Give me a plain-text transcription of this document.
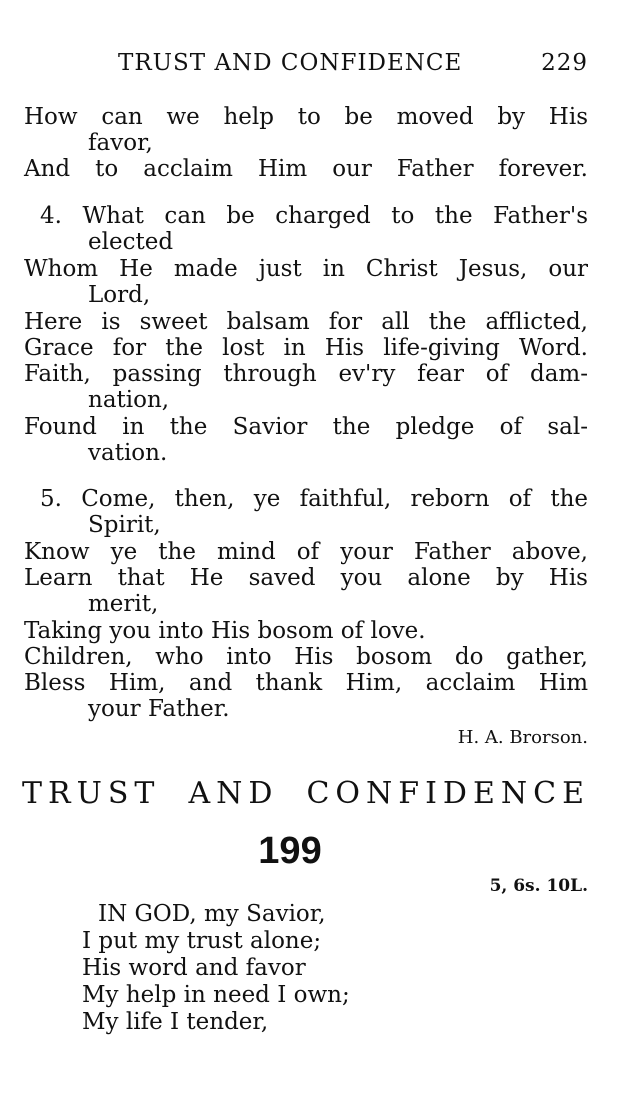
TRUST AND CONFIDENCE	229
How can we help to be moved by His
favor,
And to acclaim Him our Father forever.
4. What can be charged to the Father's
elected
Whom He made just in Christ Jesus, our
Lord,
Here is sweet balsam for all the afflicted,
Grace for the lost in His life-giving Word.
Faith, passing through ev'ry fear of dam-
nation,
Found in the Savior the pledge of sal-
vation.
5. Come, then, ye faithful, reborn of the
Spirit,
Know ye the mind of your Father above,
Learn that He saved you alone by His
merit,
Taking you into His bosom of love.
Children, who into His bosom do gather,
Bless Him, and thank Him, acclaim Him
your Father.
H. A. Brorson.
TRUST AND CONFIDENCE
199
5, 6s. 10L.
IN GOD, my Savior,
I put my trust alone;
His word and favor
My help in need I own;
My life I tender,
